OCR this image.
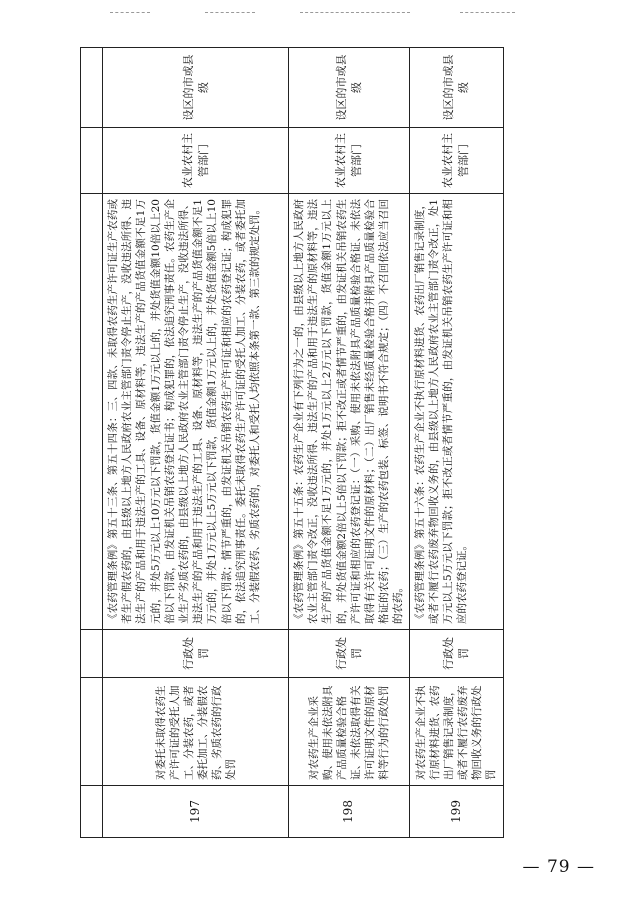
197	对委托未取得农药生产许可证的受托人加工、分装农药，或者委托加工、分装假农药、劣质农药的行政处罚	行政处罚	《农药管理条例》第五十三条、第五十四条：三、四款、未取得农药生产许可证生产农药或者生产假农药的，由县级以上地方人民政府农业主管部门责令停止生产，没收违法所得、违法生产的产品和用于违法生产的工具、设备、原材料等，违法生产的产品货值金额不足1万元的，并处5万元以上10万元以下罚款，货值金额1万元以上的，并处货值金额10倍以上20倍以下罚款，由发证机关吊销农药登记证书；构成犯罪的，依法追究刑事责任。农药生产企业生产劣质农药的，由县级以上地方人民政府农业主管部门责令停止生产，没收违法所得、违法生产的产品和用于违法生产的工具、设备、原材料等，违法生产的产品货值金额不足1万元的，并处1万元以上5万元以下罚款，货值金额1万元以上的，并处货值金额5倍以上10倍以下罚款；情节严重的，由发证机关吊销农药生产许可证和相应的农药登记证；构成犯罪的，依法追究刑事责任。委托未取得农药生产许可证的受托人加工、分装农药，或者委托加工、分装假农药、劣质农药的，对委托人和受托人均依照本条第一款、第三款的规定处罚。	农业农村主管部门	设区的市或县级
198	对农药生产企业采购、使用未依法附具产品质量检验合格证、未依法取得有关许可证明文件的原材料等行为的行政处罚	行政处罚	《农药管理条例》第五十五条：农药生产企业有下列行为之一的，由县级以上地方人民政府农业主管部门责令改正，没收违法所得、违法生产的产品和用于违法生产的原材料等，违法生产的产品货值金额不足1万元的，并处1万元以上2万元以下罚款，货值金额1万元以上的，并处货值金额2倍以上5倍以下罚款；拒不改正或者情节严重的，由发证机关吊销农药生产许可证和相应的农药登记证：（一）采购、使用未依法附具产品质量检验合格证、未依法取得有关许可证明文件的原材料；（二）出厂销售未经质量检验合格并附具产品质量检验合格证的农药；（三）生产的农药包装、标签、说明书不符合规定；（四）不召回依法应当召回的农药。	农业农村主管部门	设区的市或县级
199	对农药生产企业不执行原材料进货、农药出厂销售记录制度，或者不履行农药废弃物回收义务的行政处罚	行政处罚	《农药管理条例》第五十六条：农药生产企业不执行原材料进货、农药出厂销售记录制度，或者不履行农药废弃物回收义务的，由县级以上地方人民政府农业主管部门责令改正，处1万元以上5万元以下罚款；拒不改正或者情节严重的，由发证机关吊销农药生产许可证和相应的农药登记证。	农业农村主管部门	设区的市或县级
— 79 —
